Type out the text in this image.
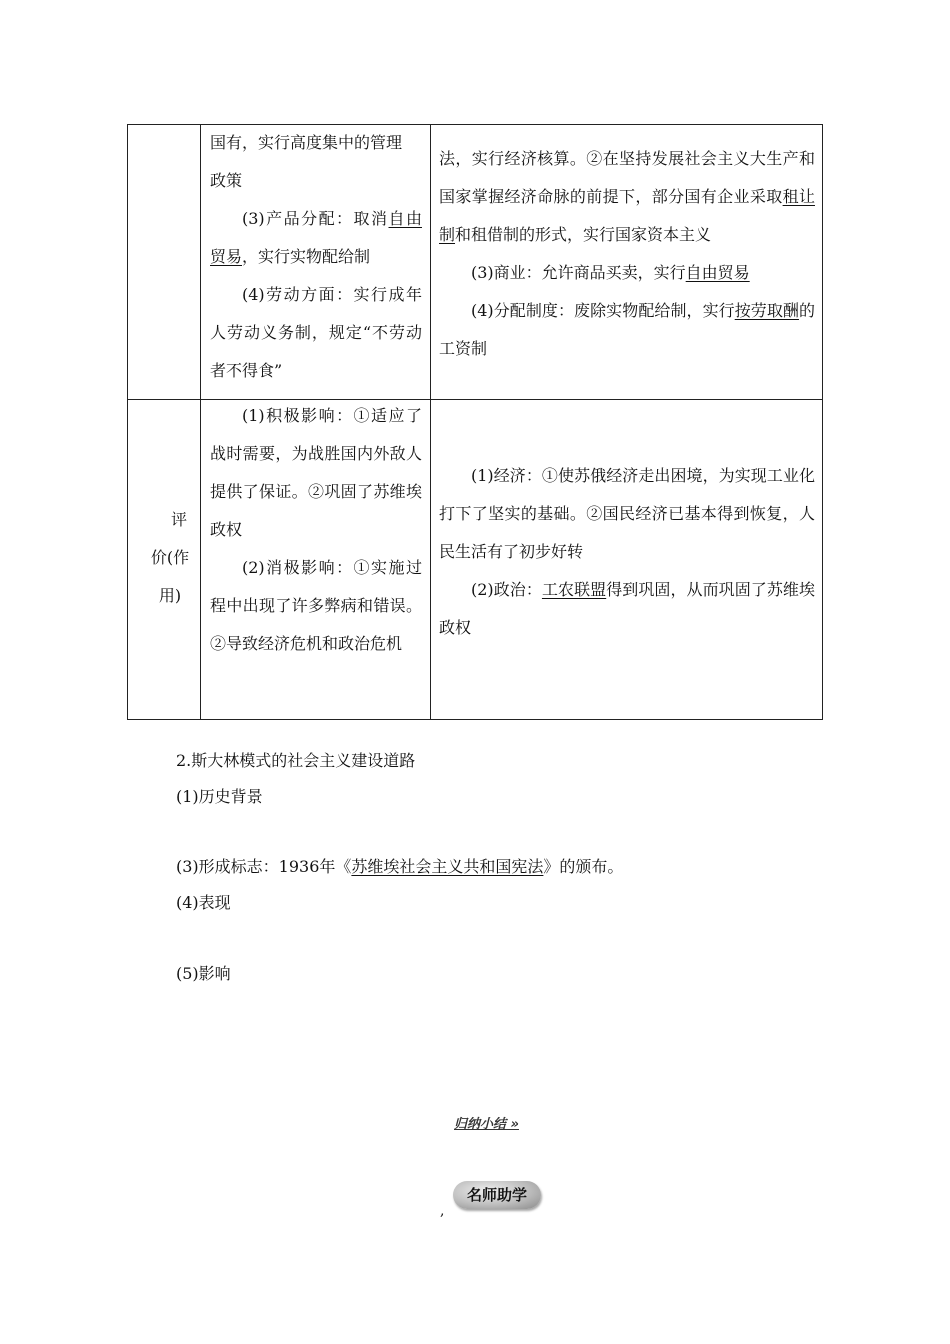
国有，实行高度集中的管理

政策

(3)产品分配：取消自由贸易，实行实物配给制

(4)劳动方面：实行成年人劳动义务制，规定“不劳动者不得食”

法，实行经济核算。②在坚持发展社会主义大生产和国家掌握经济命脉的前提下，部分国有企业采取租让制和租借制的形式，实行国家资本主义

(3)商业：允许商品买卖，实行自由贸易

(4)分配制度：废除实物配给制，实行按劳取酬的工资制

评
价(作
用)

(1)积极影响：①适应了战时需要，为战胜国内外敌人提供了保证。②巩固了苏维埃政权

(2)消极影响：①实施过程中出现了许多弊病和错误。②导致经济危机和政治危机

(1)经济：①使苏俄经济走出困境，为实现工业化打下了坚实的基础。②国民经济已基本得到恢复，人民生活有了初步好转

(2)政治：工农联盟得到巩固，从而巩固了苏维埃政权

2.斯大林模式的社会主义建设道路
(1)历史背景
(3)形成标志：1936年《苏维埃社会主义共和国宪法》的颁布。
(4)表现
(5)影响
归纳小结 »
名师助学
,
